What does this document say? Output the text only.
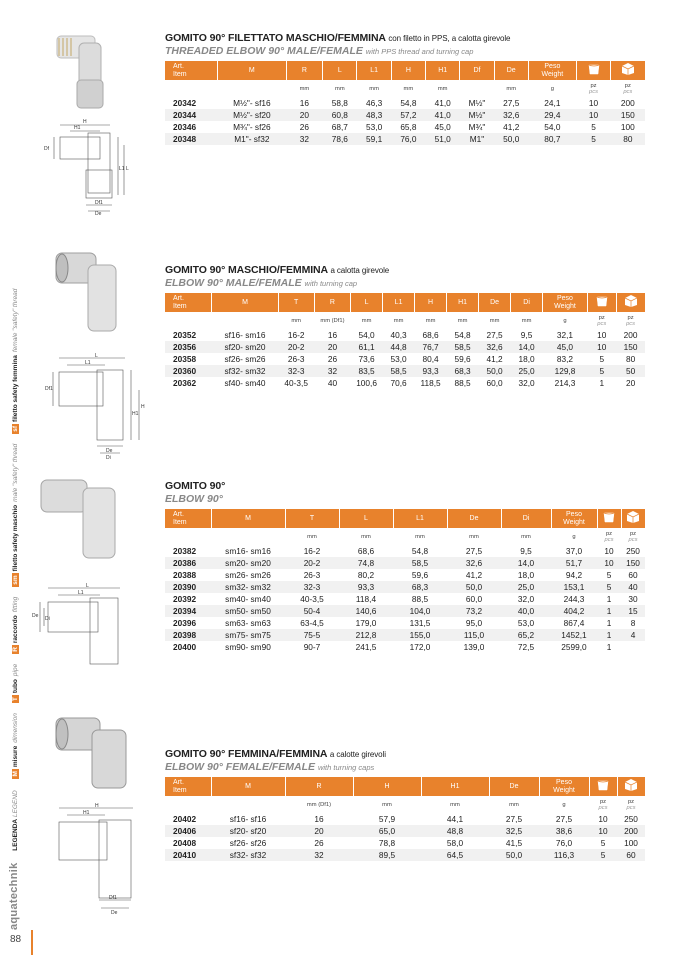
H
H1
Df
L
L1
Df1
De
L
L1
Df1
H
H1
De
Di
L
L1
De Di
H
H1
Df1
De
GOMITO 90° FILETTATO MASCHIO/FEMMINA con filetto in PPS, a calotta girevole
THREADED ELBOW 90° MALE/FEMALE with PPS thread and turning cap
Art.
Item	M	R	L	L1	H	H1	Df	De	Peso
Weight

		mm	mm	mm	mm	mm		mm	g	pz
pcs	pz
pcs

20342	M½"- sf16	16	58,8	46,3	54,8	41,0	M½"	27,5	24,1	10	200
20344	M½"- sf20	20	60,8	48,3	57,2	41,0	M½"	32,6	29,4	10	150
20346	M¾"- sf26	26	68,7	53,0	65,8	45,0	M¾"	41,2	54,0	5	100
20348	M1"- sf32	32	78,6	59,1	76,0	51,0	M1"	50,0	80,7	5	80
GOMITO 90° MASCHIO/FEMMINA a calotta girevole
ELBOW 90° MALE/FEMALE with turning cap
Art.
Item	M	T	R	L	L1	H	H1	De	Di	Peso
Weight

		mm	mm (Df1)	mm	mm	mm	mm	mm	mm	g	pz
pcs	pz
pcs

20352	sf16- sm16	16-2	16	54,0	40,3	68,6	54,8	27,5	9,5	32,1	10	200
20356	sf20- sm20	20-2	20	61,1	44,8	76,7	58,5	32,6	14,0	45,0	10	150
20358	sf26- sm26	26-3	26	73,6	53,0	80,4	59,6	41,2	18,0	83,2	5	80
20360	sf32- sm32	32-3	32	83,5	58,5	93,3	68,3	50,0	25,0	129,8	5	50
20362	sf40- sm40	40-3,5	40	100,6	70,6	118,5	88,5	60,0	32,0	214,3	1	20
GOMITO 90°
ELBOW 90°
Art.
Item	M	T	L	L1	De	Di	Peso
Weight

		mm	mm	mm	mm	mm	g	pz
pcs	pz
pcs

20382	sm16- sm16	16-2	68,6	54,8	27,5	9,5	37,0	10	250
20386	sm20- sm20	20-2	74,8	58,5	32,6	14,0	51,7	10	150
20388	sm26- sm26	26-3	80,2	59,6	41,2	18,0	94,2	5	60
20390	sm32- sm32	32-3	93,3	68,3	50,0	25,0	153,1	5	40
20392	sm40- sm40	40-3,5	118,4	88,5	60,0	32,0	244,3	1	30
20394	sm50- sm50	50-4	140,6	104,0	73,2	40,0	404,2	1	15
20396	sm63- sm63	63-4,5	179,0	131,5	95,0	53,0	867,4	1	8
20398	sm75- sm75	75-5	212,8	155,0	115,0	65,2	1452,1	1	4
20400	sm90- sm90	90-7	241,5	172,0	139,0	72,5	2599,0	1	
GOMITO 90° FEMMINA/FEMMINA a calotte girevoli
ELBOW 90° FEMALE/FEMALE with turning caps
Art.
Item	M	R	H	H1	De	Peso
Weight

		mm (Df1)	mm	mm	mm	g	pz
pcs	pz
pcs

20402	sf16- sf16	16	57,9	44,1	27,5	27,5	10	250
20406	sf20- sf20	20	65,0	48,8	32,5	38,6	10	200
20408	sf26- sf26	26	78,8	58,0	41,5	76,0	5	100
20410	sf32- sf32	32	89,5	64,5	50,0	116,3	5	60
aquatechnik LEGENDA LEGEND MmisuredimensionTtubopipeRraccordofittingsmfiletto safety maschiomale "safety" threadsffiletto safety femminafemale "safety" thread
88
